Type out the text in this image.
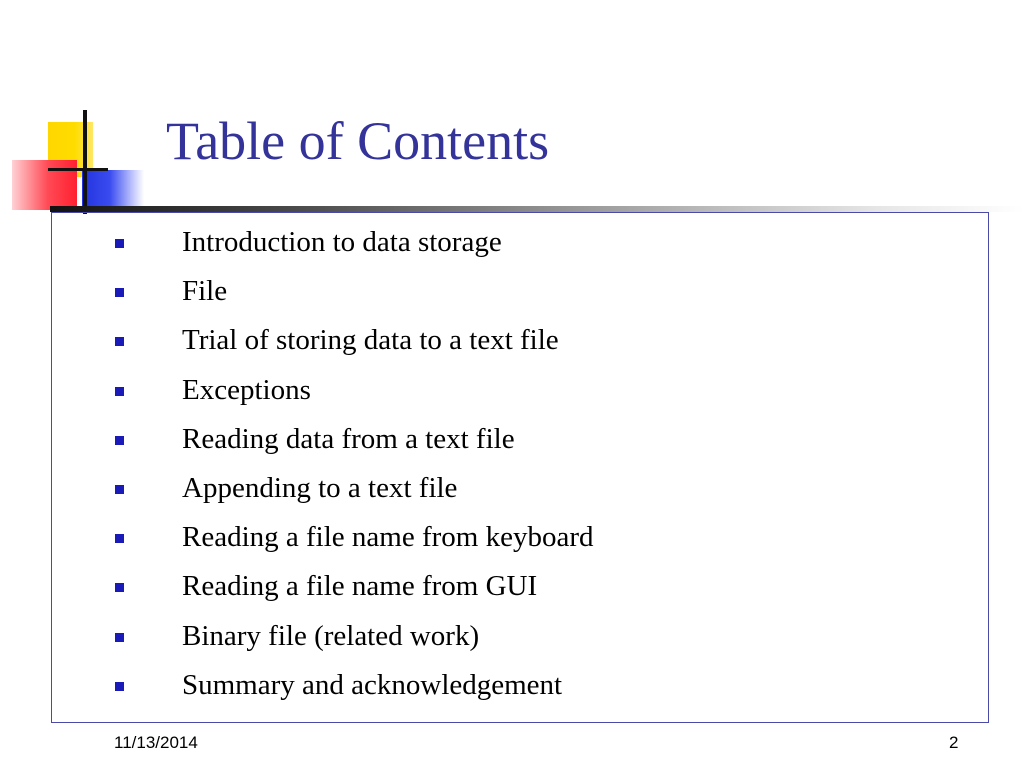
Table of Contents
Introduction to data storage
File
Trial of storing data to a text file
Exceptions
Reading data from a text file
Appending to a text file
Reading a file name from keyboard
Reading a file name from GUI
Binary file (related work)
Summary and acknowledgement
11/13/2014	2
